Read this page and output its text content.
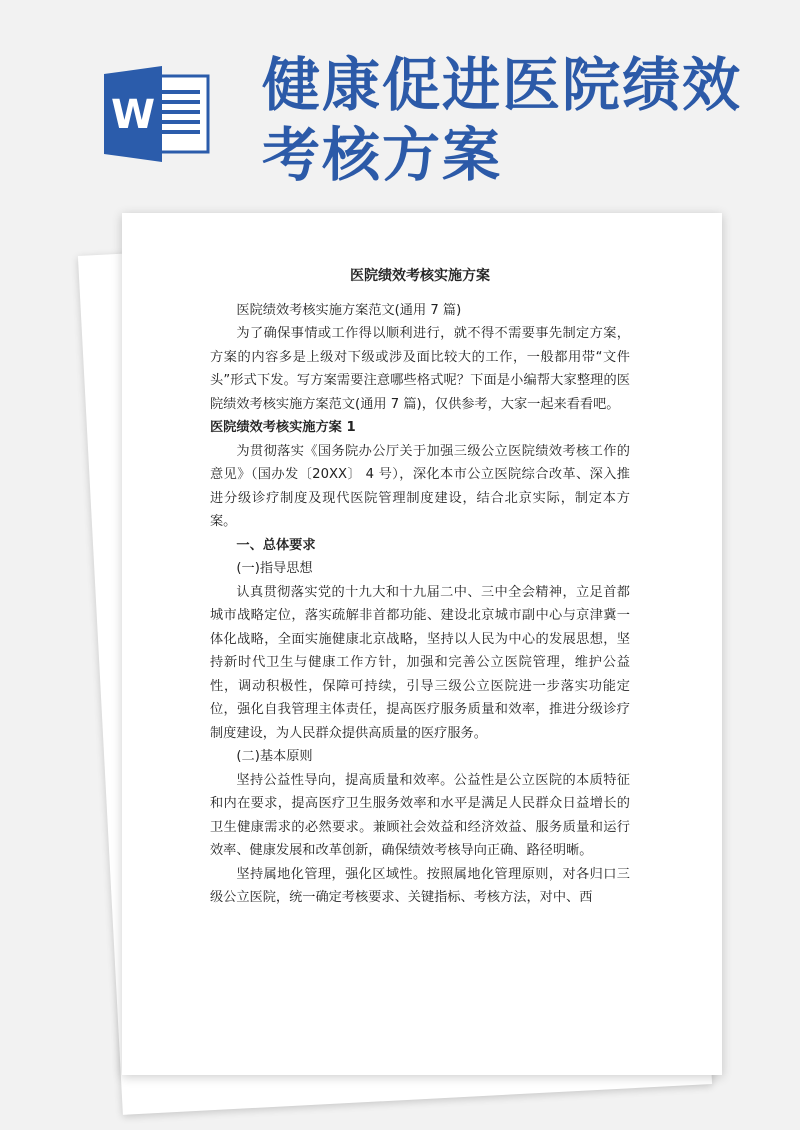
W 健康促进医院绩效考核方案

医院绩效考核实施方案

医院绩效考核实施方案范文(通用 7 篇)

为了确保事情或工作得以顺利进行，就不得不需要事先制定方案，方案的内容多是上级对下级或涉及面比较大的工作，一般都用带“文件头”形式下发。写方案需要注意哪些格式呢？下面是小编帮大家整理的医院绩效考核实施方案范文(通用 7 篇)，仅供参考，大家一起来看看吧。

医院绩效考核实施方案 1

为贯彻落实《国务院办公厅关于加强三级公立医院绩效考核工作的意见》（国办发〔20XX〕 4 号），深化本市公立医院综合改革、深入推进分级诊疗制度及现代医院管理制度建设，结合北京实际，制定本方案。

一、总体要求

(一)指导思想

认真贯彻落实党的十九大和十九届二中、三中全会精神，立足首都城市战略定位，落实疏解非首都功能、建设北京城市副中心与京津冀一体化战略，全面实施健康北京战略，坚持以人民为中心的发展思想，坚持新时代卫生与健康工作方针，加强和完善公立医院管理，维护公益性，调动积极性，保障可持续，引导三级公立医院进一步落实功能定位，强化自我管理主体责任，提高医疗服务质量和效率，推进分级诊疗制度建设，为人民群众提供高质量的医疗服务。

(二)基本原则

坚持公益性导向，提高质量和效率。公益性是公立医院的本质特征和内在要求，提高医疗卫生服务效率和水平是满足人民群众日益增长的卫生健康需求的必然要求。兼顾社会效益和经济效益、服务质量和运行效率、健康发展和改革创新，确保绩效考核导向正确、路径明晰。

坚持属地化管理，强化区域性。按照属地化管理原则，对各归口三级公立医院，统一确定考核要求、关键指标、考核方法，对中、西
